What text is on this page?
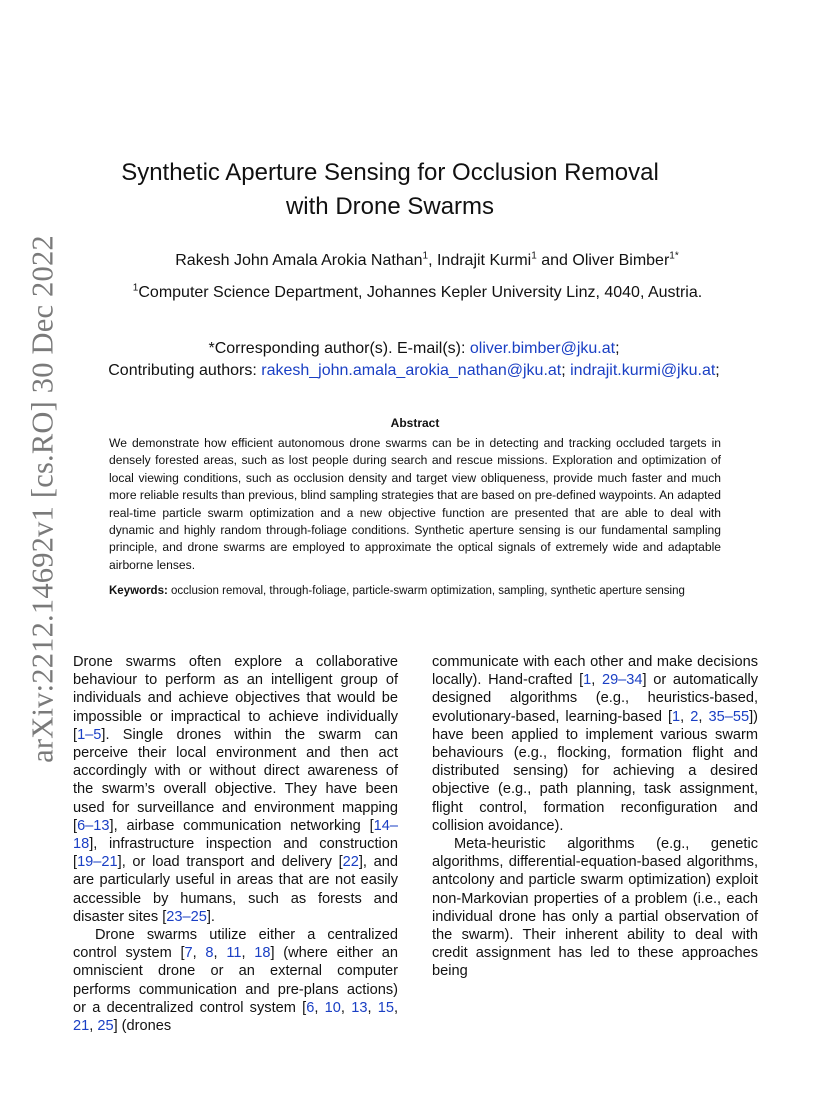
arXiv:2212.14692v1 [cs.RO] 30 Dec 2022
Synthetic Aperture Sensing for Occlusion Removal
with Drone Swarms
Rakesh John Amala Arokia Nathan$^1$, Indrajit Kurmi$^1$ and Oliver Bimber$^{1*}$
$^1$Computer Science Department, Johannes Kepler University Linz, 4040, Austria.
*Corresponding author(s). E-mail(s): oliver.bimber@jku.at;
Contributing authors: rakesh_john.amala_arokia_nathan@jku.at; indrajit.kurmi@jku.at;
Abstract
We demonstrate how efficient autonomous drone swarms can be in detecting and tracking occluded targets in densely forested areas, such as lost people during search and rescue missions. Exploration and optimization of local viewing conditions, such as occlusion density and target view obliqueness, provide much faster and much more reliable results than previous, blind sampling strategies that are based on pre-defined waypoints. An adapted real-time particle swarm optimization and a new objective function are presented that are able to deal with dynamic and highly random through-foliage conditions. Synthetic aperture sensing is our fundamental sampling principle, and drone swarms are employed to approximate the optical signals of extremely wide and adaptable airborne lenses.
Keywords: occlusion removal, through-foliage, particle-swarm optimization, sampling, synthetic aperture sensing

Drone swarms often explore a collaborative behaviour to perform as an intelligent group of individuals and achieve objectives that would be impossible or impractical to achieve individually [1–5]. Single drones within the swarm can perceive their local environment and then act accordingly with or without direct awareness of the swarm’s overall objective. They have been used for surveillance and environment mapping [6–13], airbase communication networking [14–18], infrastructure inspection and construction [19–21], or load transport and delivery [22], and are particularly useful in areas that are not easily accessible by humans, such as forests and disaster sites [23–25].

Drone swarms utilize either a centralized control system [7, 8, 11, 18] (where either an omniscient drone or an external computer performs communication and pre-plans actions) or a decentralized control system [6, 10, 13, 15, 21, 25] (drones

communicate with each other and make decisions locally). Hand-crafted [1, 29–34] or automatically designed algorithms (e.g., heuristics-based, evolutionary-based, learning-based [1, 2, 35–55]) have been applied to implement various swarm behaviours (e.g., flocking, formation flight and distributed sensing) for achieving a desired objective (e.g., path planning, task assignment, flight control, formation reconfiguration and collision avoidance).

Meta-heuristic algorithms (e.g., genetic algorithms, differential-equation-based algorithms, antcolony and particle swarm optimization) exploit non-Markovian properties of a problem (i.e., each individual drone has only a partial observation of the swarm). Their inherent ability to deal with credit assignment has led to these approaches being
